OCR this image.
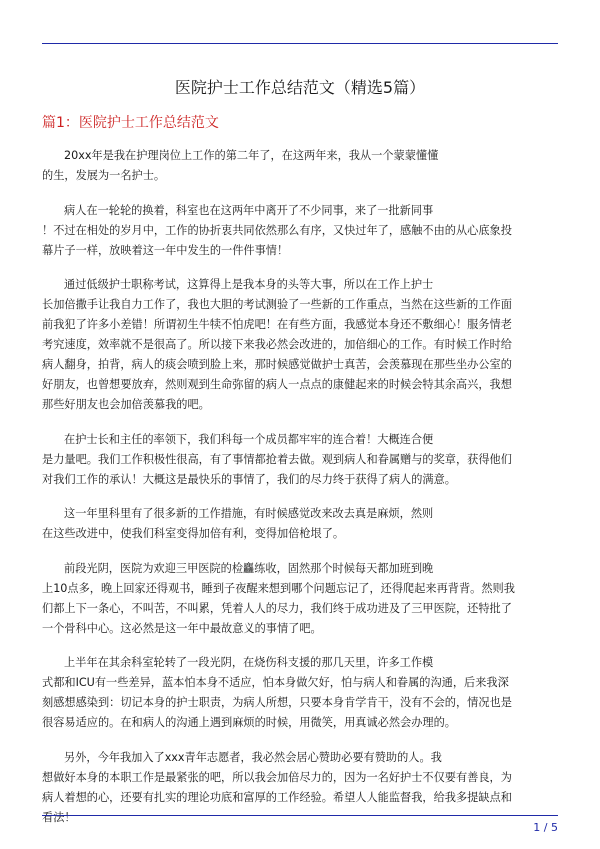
医院护士工作总结范文（精选5篇）
篇1：医院护士工作总结范文

20xx年是我在护理岗位上工作的第二年了，在这两年来，我从一个蒙蒙懂懂
的生，发展为一名护士。

病人在一轮轮的换着，科室也在这两年中离开了不少同事，来了一批新同事
！不过在相处的岁月中，工作的协折衷共同依然那么有序，又快过年了，感触不由的从心底象投
幕片子一样，放映着这一年中发生的一件件事情！

通过低级护士职称考试，这算得上是我本身的头等大事，所以在工作上护士
长加倍撒手让我自力工作了，我也大胆的考试测验了一些新的工作重点，当然在这些新的工作面
前我犯了许多小差错！所谓初生牛犊不怕虎吧！在有些方面，我感觉本身还不敷细心！服务情老
考究速度，效率就不是很高了。所以接下来我必然会改进的，加倍细心的工作。有时候工作时给
病人翻身，拍背，病人的痰会喷到脸上来，那时候感觉做护士真苦，会羡慕现在那些坐办公室的
好朋友，也曾想要放弃，然则观到生命弥留的病人一点点的康健起来的时候会特其余高兴，我想
那些好朋友也会加倍羡慕我的吧。

在护士长和主任的率领下，我们科每一个成员都牢牢的连合着！大概连合便
是力量吧。我们工作积极性很高，有了事情都抢着去做。观到病人和眷属赠与的奖章，获得他们
对我们工作的承认！大概这是最快乐的事情了，我们的尽力终于获得了病人的满意。

这一年里科里有了很多新的工作措施，有时候感觉改来改去真是麻烦，然则
在这些改进中，使我们科室变得加倍有利，变得加倍枪垠了。

前段光阴，医院为欢迎三甲医院的检麤练收，固然那个时候每天都加班到晚
上10点多，晚上回家还得观书，睡到子夜醒来想到哪个问题忘记了，还得爬起来再背背。然则我
们都上下一条心，不叫苦，不叫累，凭着人人的尽力，我们终于成功进及了三甲医院，还特批了
一个骨科中心。这必然是这一年中最故意义的事情了吧。

上半年在其余科室轮转了一段光阴，在烧伤科支援的那几天里，许多工作模
式都和ICU有一些差异，蓝本怕本身不适应，怕本身做欠好，怕与病人和眷属的沟通，后来我深
刻感想感染到：切记本身的护士职责，为病人所想，只要本身肯学肯干，没有不会的，情况也是
很容易适应的。在和病人的沟通上遇到麻烦的时候，用微笑，用真诚必然会办理的。

另外，今年我加入了xxx青年志愿者，我必然会居心赞助必要有赞助的人。我
想做好本身的本职工作是最紧张的吧，所以我会加倍尽力的，因为一名好护士不仅要有善良，为
病人着想的心，还要有扎实的理论功底和富厚的工作经验。希望人人能监督我，给我多提缺点和
看法！

1 / 5
